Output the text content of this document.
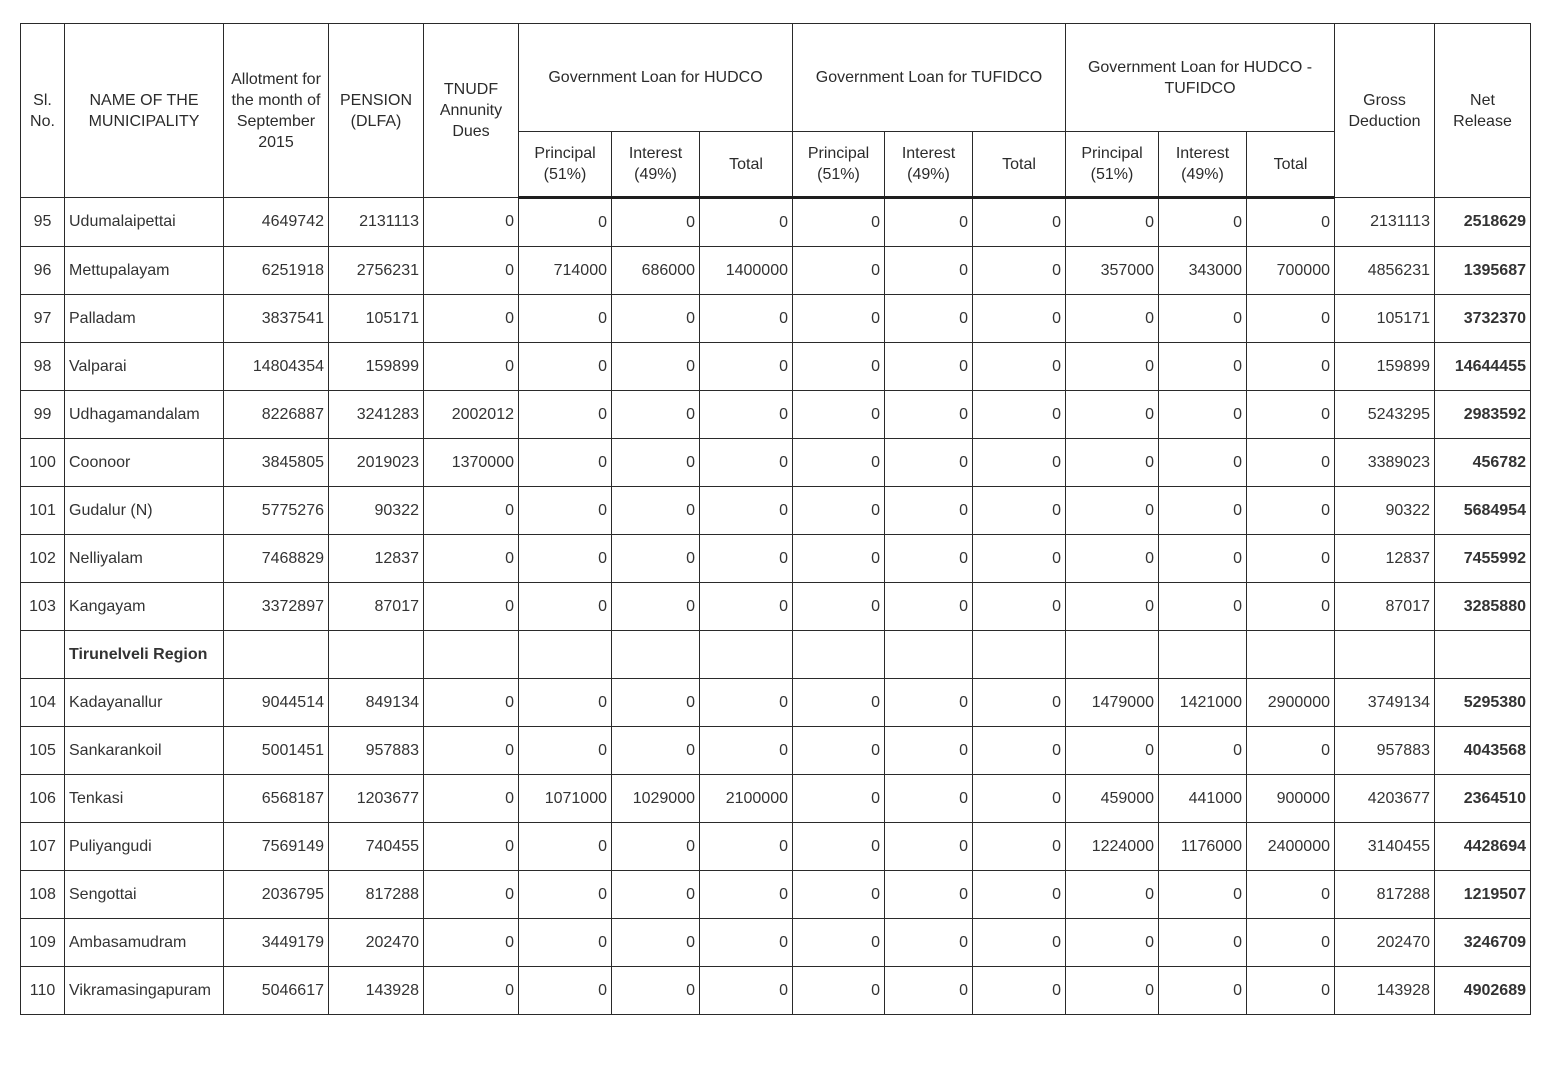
Sl. No.	NAME OF THE MUNICIPALITY	Allotment for the month of September 2015	PENSION (DLFA)	TNUDF Annunity Dues	Government Loan for HUDCO			Government Loan for TUFIDCO			Government Loan for HUDCO - TUFIDCO			Gross Deduction	Net Release
					Principal (51%)	Interest (49%)	Total	Principal (51%)	Interest (49%)	Total	Principal (51%)	Interest (49%)	Total		
95	Udumalaipettai	4649742	2131113	0	0	0	0	0	0	0	0	0	0	2131113	2518629
96	Mettupalayam	6251918	2756231	0	714000	686000	1400000	0	0	0	357000	343000	700000	4856231	1395687
97	Palladam	3837541	105171	0	0	0	0	0	0	0	0	0	0	105171	3732370
98	Valparai	14804354	159899	0	0	0	0	0	0	0	0	0	0	159899	14644455
99	Udhagamandalam	8226887	3241283	2002012	0	0	0	0	0	0	0	0	0	5243295	2983592
100	Coonoor	3845805	2019023	1370000	0	0	0	0	0	0	0	0	0	3389023	456782
101	Gudalur (N)	5775276	90322	0	0	0	0	0	0	0	0	0	0	90322	5684954
102	Nelliyalam	7468829	12837	0	0	0	0	0	0	0	0	0	0	12837	7455992
103	Kangayam	3372897	87017	0	0	0	0	0	0	0	0	0	0	87017	3285880
	Tirunelveli Region														
104	Kadayanallur	9044514	849134	0	0	0	0	0	0	0	1479000	1421000	2900000	3749134	5295380
105	Sankarankoil	5001451	957883	0	0	0	0	0	0	0	0	0	0	957883	4043568
106	Tenkasi	6568187	1203677	0	1071000	1029000	2100000	0	0	0	459000	441000	900000	4203677	2364510
107	Puliyangudi	7569149	740455	0	0	0	0	0	0	0	1224000	1176000	2400000	3140455	4428694
108	Sengottai	2036795	817288	0	0	0	0	0	0	0	0	0	0	817288	1219507
109	Ambasamudram	3449179	202470	0	0	0	0	0	0	0	0	0	0	202470	3246709
110	Vikramasingapuram	5046617	143928	0	0	0	0	0	0	0	0	0	0	143928	4902689
